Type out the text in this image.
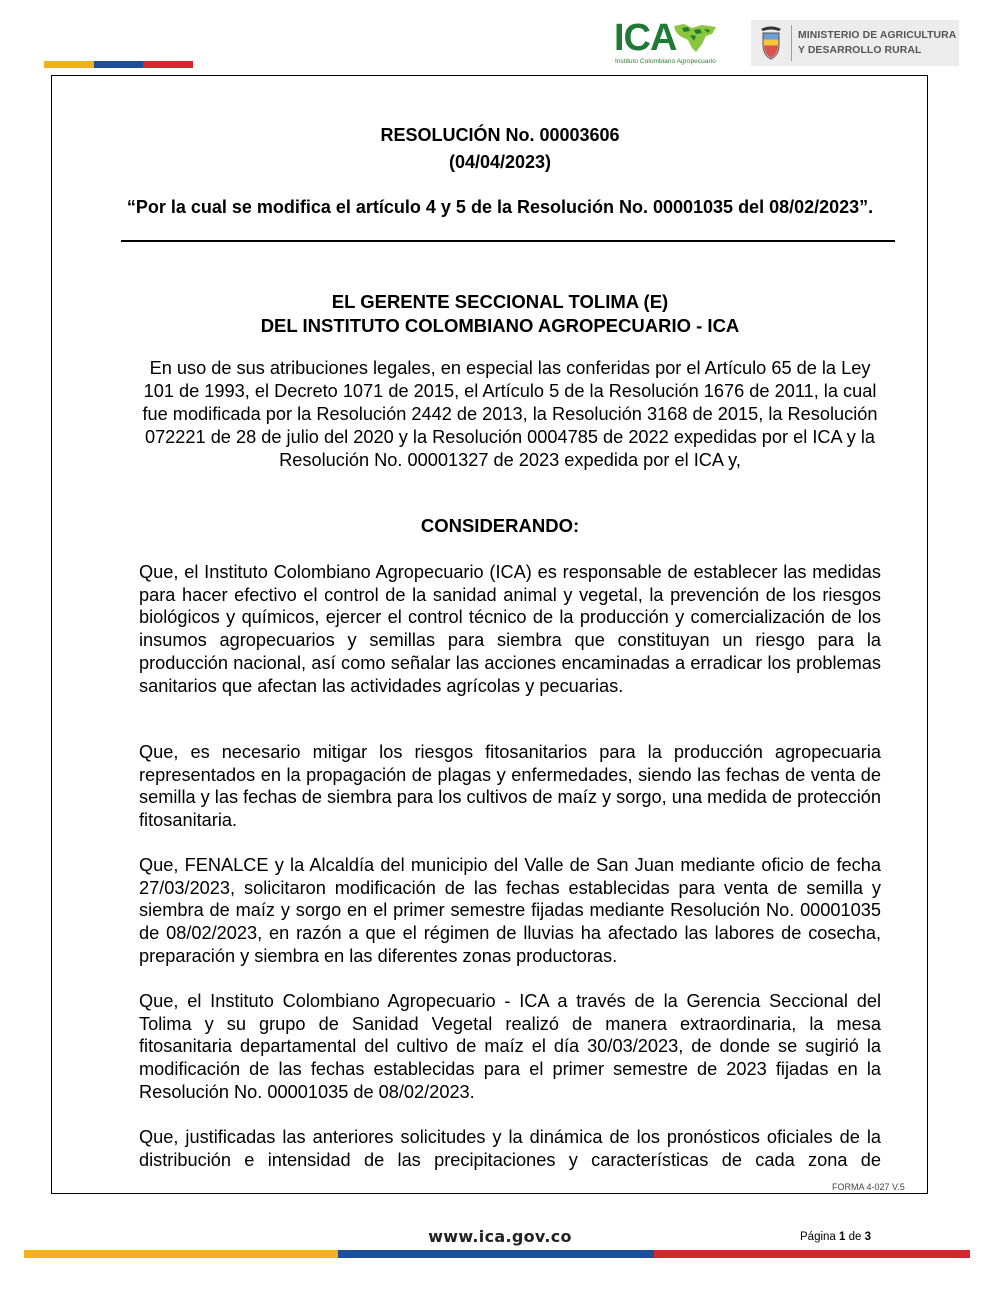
ICA
Instituto Colombiano Agropecuario
MINISTERIO DE AGRICULTURA
Y DESARROLLO RURAL
RESOLUCIÓN No. 00003606
(04/04/2023)
“Por la cual se modifica el artículo 4 y 5 de la Resolución No. 00001035 del 08/02/2023”.
EL GERENTE SECCIONAL TOLIMA (E)
DEL INSTITUTO COLOMBIANO AGROPECUARIO - ICA
En uso de sus atribuciones legales, en especial las conferidas por el Artículo 65 de la Ley 101 de 1993, el Decreto 1071 de 2015, el Artículo 5 de la Resolución 1676 de 2011, la cual fue modificada por la Resolución 2442 de 2013, la Resolución 3168 de 2015, la Resolución 072221 de 28 de julio del 2020 y la Resolución 0004785 de 2022 expedidas por el ICA y la Resolución No. 00001327 de 2023 expedida por el ICA y,
CONSIDERANDO:
Que, el Instituto Colombiano Agropecuario (ICA) es responsable de establecer las medidas para hacer efectivo el control de la sanidad animal y vegetal, la prevención de los riesgos biológicos y químicos, ejercer el control técnico de la producción y comercialización de los insumos agropecuarios y semillas para siembra que constituyan un riesgo para la producción nacional, así como señalar las acciones encaminadas a erradicar los problemas sanitarios que afectan las actividades agrícolas y pecuarias.
Que, es necesario mitigar los riesgos fitosanitarios para la producción agropecuaria representados en la propagación de plagas y enfermedades, siendo las fechas de venta de semilla y las fechas de siembra para los cultivos de maíz y sorgo, una medida de protección fitosanitaria.
Que, FENALCE y la Alcaldía del municipio del Valle de San Juan mediante oficio de fecha 27/03/2023, solicitaron modificación de las fechas establecidas para venta de semilla y siembra de maíz y sorgo en el primer semestre fijadas mediante Resolución No. 00001035 de 08/02/2023, en razón a que el régimen de lluvias ha afectado las labores de cosecha, preparación y siembra en las diferentes zonas productoras.
Que, el Instituto Colombiano Agropecuario - ICA a través de la Gerencia Seccional del Tolima y su grupo de Sanidad Vegetal realizó de manera extraordinaria, la mesa fitosanitaria departamental del cultivo de maíz el día 30/03/2023, de donde se sugirió la modificación de las fechas establecidas para el primer semestre de 2023 fijadas en la Resolución No. 00001035 de 08/02/2023.
Que, justificadas las anteriores solicitudes y la dinámica de los pronósticos oficiales de la distribución e intensidad de las precipitaciones y características de cada zona de
FORMA 4-027 V.5
www.ica.gov.co	Página 1 de 3
